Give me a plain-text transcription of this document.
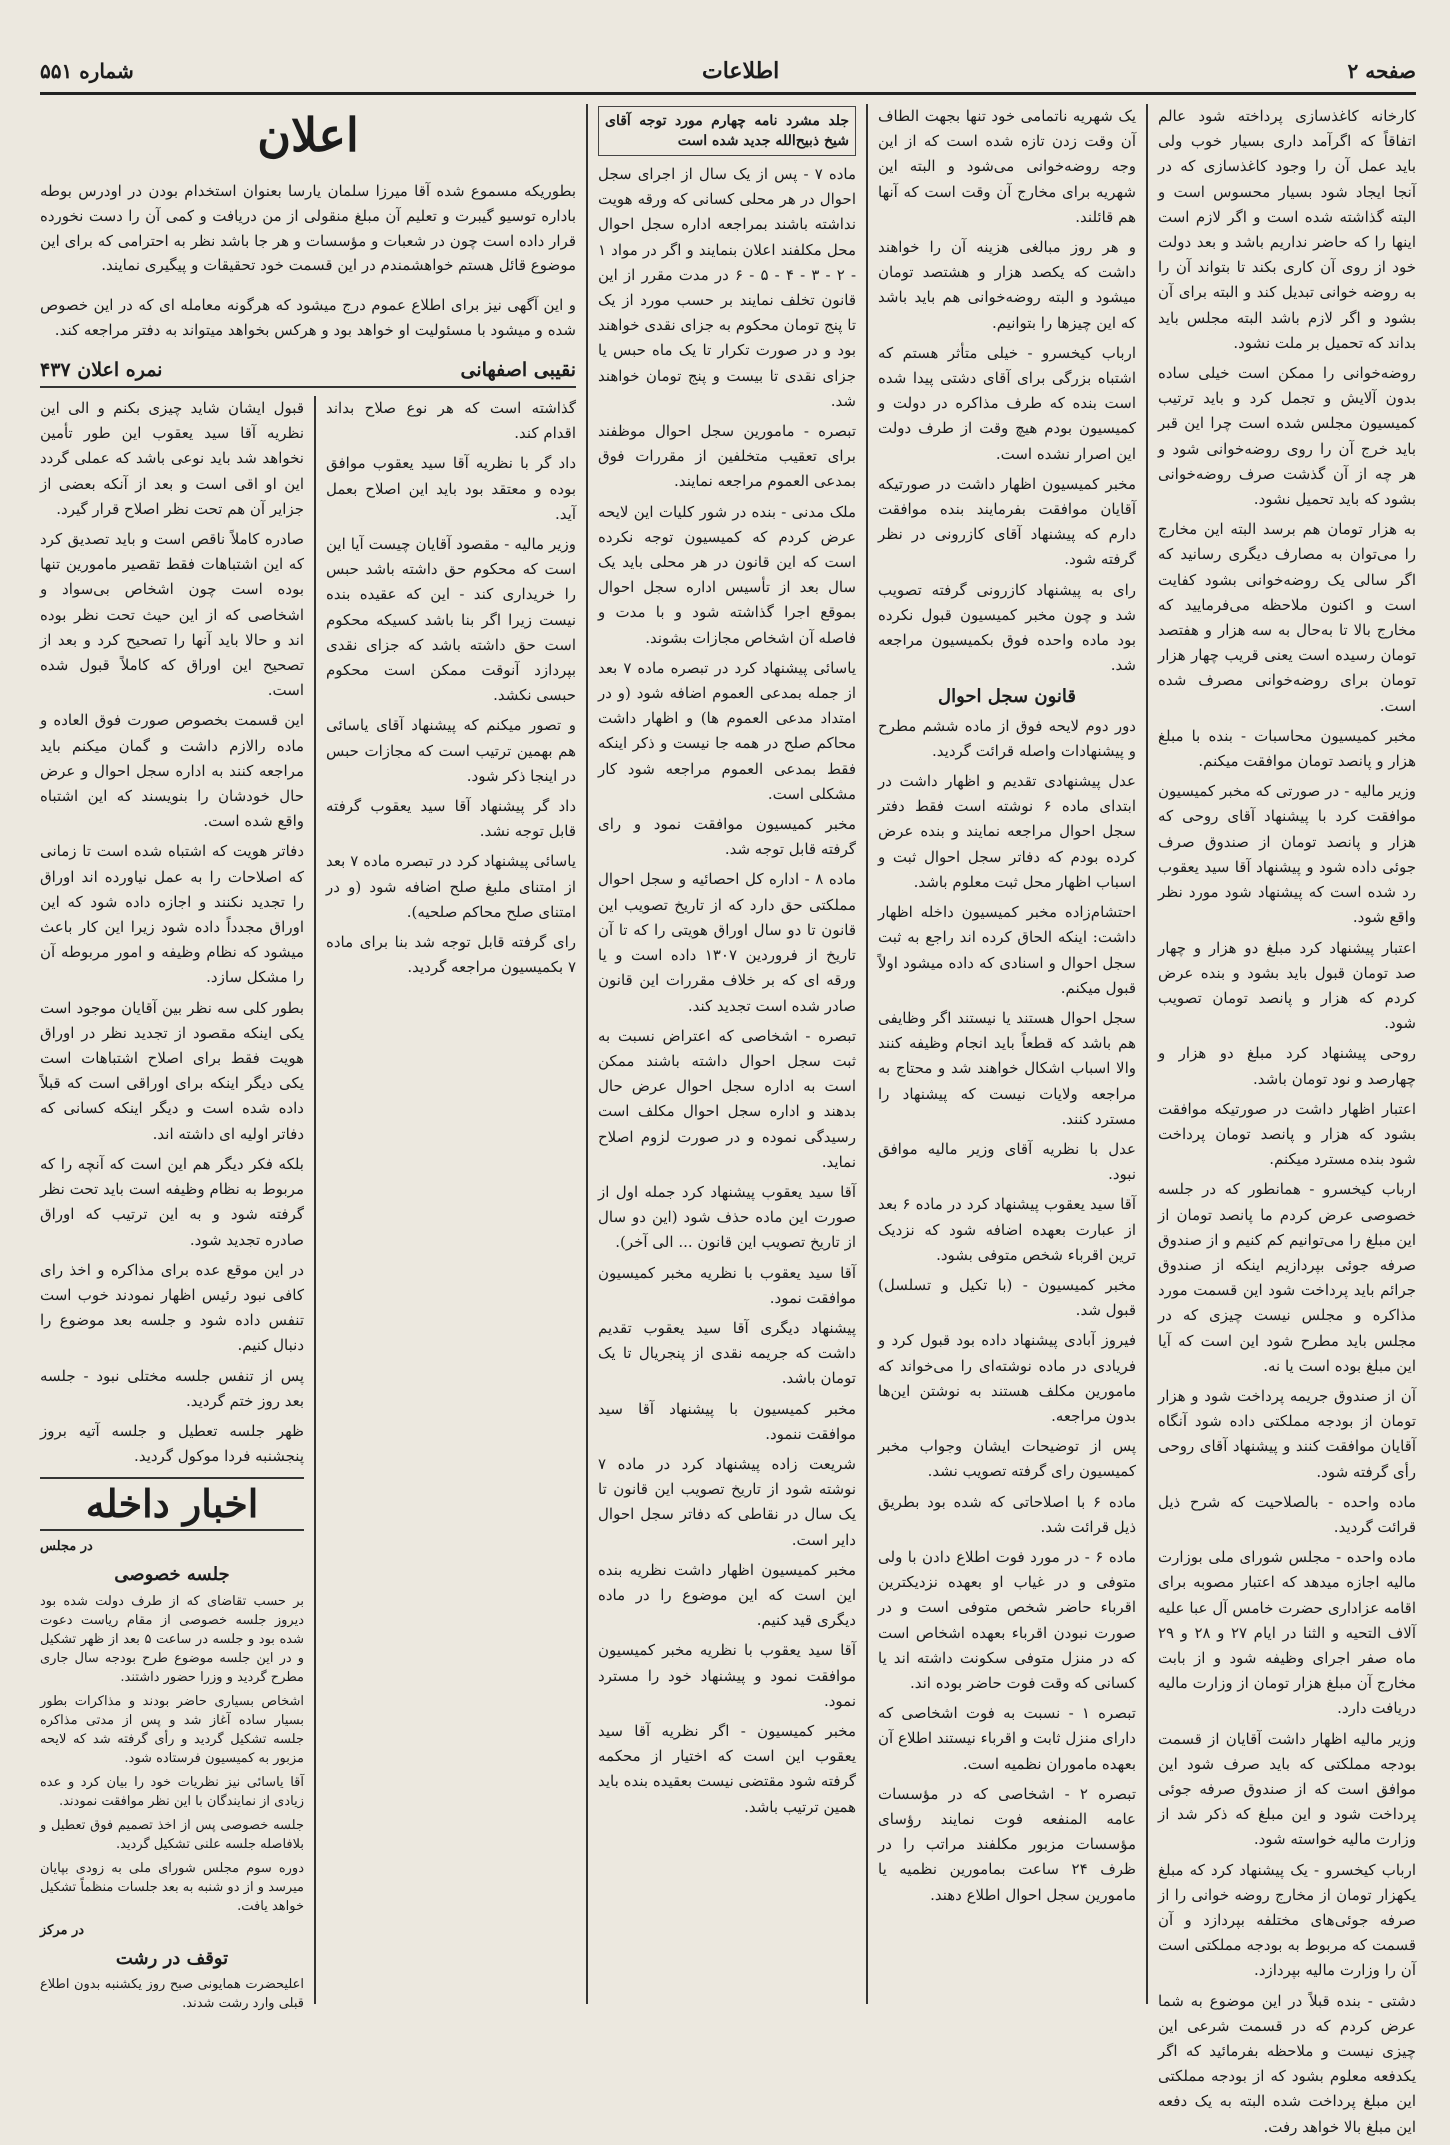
صفحه ۲
اطلاعات
شماره ۵۵۱

کارخانه کاغذسازی پرداخته شود عالم اتفاقاً که اگرآمد داری بسیار خوب ولی باید عمل آن را وجود کاغذسازی که در آنجا ایجاد شود بسیار محسوس است و البته گذاشته شده است و اگر لازم است اینها را که حاضر نداریم باشد و بعد دولت خود از روی آن کاری بکند تا بتواند آن را به روضه خوانی تبدیل کند و البته برای آن بشود و اگر لازم باشد البته مجلس باید بداند که تحمیل بر ملت نشود.

روضه‌خوانی را ممکن است خیلی ساده بدون آلایش و تجمل کرد و باید ترتیب کمیسیون مجلس شده است چرا این قبر باید خرج آن را روی روضه‌خوانی شود و هر چه از آن گذشت صرف روضه‌خوانی بشود که باید تحمیل نشود.

به هزار تومان هم برسد البته این مخارج را می‌توان به مصارف دیگری رسانید که اگر سالی یک روضه‌خوانی بشود کفایت است و اکنون ملاحظه می‌فرمایید که مخارج بالا تا به‌حال به سه هزار و هفتصد تومان رسیده است یعنی قریب چهار هزار تومان برای روضه‌خوانی مصرف شده است.

مخبر کمیسیون محاسبات‌ - بنده با مبلغ هزار و پانصد تومان موافقت میکنم.

وزیر مالیه - در صورتی که مخبر کمیسیون موافقت کرد با پیشنهاد آقای روحی که هزار و پانصد تومان از صندوق صرف جوئی داده شود و پیشنهاد آقا سید یعقوب رد شده است که پیشنهاد شود مورد نظر واقع شود.

اعتبار پیشنهاد کرد مبلغ دو هزار و چهار صد تومان قبول باید بشود و بنده عرض کردم که هزار و پانصد تومان تصویب شود.

روحی پیشنهاد کرد مبلغ دو هزار و چهارصد و نود تومان باشد.

اعتبار اظهار داشت در صورتیکه موافقت بشود که هزار و پانصد تومان پرداخت شود بنده مسترد میکنم.

ارباب کیخسرو - همانطور که در جلسه خصوصی عرض کردم ما پانصد تومان از این مبلغ را می‌توانیم کم کنیم و از صندوق صرفه جوئی بپردازیم اینکه از صندوق جرائم باید پرداخت شود این قسمت مورد مذاکره و مجلس نیست چیزی که در مجلس باید مطرح شود این است که آیا این مبلغ بوده است یا نه.

آن از صندوق جریمه پرداخت شود و هزار تومان از بودجه مملکتی داده شود آنگاه آقایان موافقت کنند و پیشنهاد آقای روحی رأی گرفته شود.

ماده واحده - بالصلاحیت که شرح ذیل قرائت گردید.

ماده واحده - مجلس شورای ملی بوزارت مالیه اجازه میدهد که اعتبار مصوبه برای اقامه عزاداری حضرت خامس آل عبا علیه آلاف التحیه و الثنا در ایام ۲۷ و ۲۸ و ۲۹ ماه صفر اجرای وظیفه شود و از بابت مخارج آن مبلغ هزار تومان از وزارت مالیه دریافت دارد.

وزیر مالیه اظهار داشت آقایان از قسمت بودجه مملکتی که باید صرف شود این موافق است که از صندوق صرفه جوئی پرداخت شود و این مبلغ که ذکر شد از وزارت مالیه خواسته شود.

ارباب کیخسرو - یک پیشنهاد کرد که مبلغ یکهزار تومان از مخارج روضه خوانی را از صرفه جوئی‌های مختلفه بپردازد و آن قسمت که مربوط به بودجه مملکتی است آن را وزارت مالیه بپردازد.

دشتی - بنده قبلاً در این موضوع به شما عرض کردم که در قسمت شرعی این چیزی نیست و ملاحظه بفرمائید که اگر یکدفعه معلوم بشود که از بودجه مملکتی این مبلغ پرداخت شده البته به یک دفعه این مبلغ بالا خواهد رفت.

یک شهریه ناتمامی خود تنها بجهت الطاف آن وقت زدن تازه شده است که از این وجه روضه‌خوانی می‌شود و البته این شهریه برای مخارج آن وقت است که آنها هم قائلند.

و هر روز مبالغی هزینه آن را خواهند داشت که یکصد هزار و هشتصد تومان میشود و البته روضه‌خوانی هم باید باشد که این چیزها را بتوانیم.

ارباب کیخسرو - خیلی متأثر هستم که اشتباه بزرگی برای آقای دشتی پیدا شده است بنده که طرف مذاکره در دولت و کمیسیون بودم هیچ وقت از طرف دولت این اصرار نشده است.

مخبر کمیسیون اظهار داشت در صورتیکه آقایان موافقت بفرمایند بنده موافقت دارم که پیشنهاد آقای کازرونی در نظر گرفته شود.

رای به پیشنهاد کازرونی گرفته تصویب شد و چون مخبر کمیسیون قبول نکرده بود ماده واحده فوق بکمیسیون مراجعه شد.

قانون سجل احوال

دور دوم لایحه فوق از ماده ششم مطرح و پیشنهادات واصله قرائت گردید.

عدل پیشنهادی تقدیم و اظهار داشت در ابتدای ماده ۶ نوشته است فقط دفتر سجل احوال مراجعه نمایند و بنده عرض کرده بودم که دفاتر سجل احوال ثبت و اسباب اظهار محل ثبت معلوم باشد.

احتشام‌زاده مخبر کمیسیون داخله اظهار داشت: اینکه الحاق کرده اند راجع به ثبت سجل احوال و اسنادی که داده میشود اولاً قبول میکنم.

سجل احوال هستند یا نیستند اگر وظایفی هم باشد که قطعاً باید انجام وظیفه کنند والا اسباب اشکال خواهند شد و محتاج به مراجعه ولایات نیست که پیشنهاد را مسترد کنند.

عدل با نظریه آقای وزیر مالیه موافق نبود.

آقا سید یعقوب پیشنهاد کرد در ماده ۶ بعد از عبارت بعهده اضافه شود که نزدیک ترین اقرباء شخص متوفی بشود.

مخبر کمیسیون - (با تکیل و تسلسل) قبول شد.

فیروز آبادی پیشنهاد داده بود قبول کرد و فریادی در ماده نوشته‌ای را می‌خواند که مامورین مکلف هستند به نوشتن این‌ها بدون مراجعه.

پس از توضیحات ایشان وجواب مخبر کمیسیون رای گرفته تصویب نشد.

ماده ۶ با اصلاحاتی که شده بود بطریق ذیل قرائت شد.

ماده ۶ - در مورد فوت اطلاع دادن با ولی متوفی و در غیاب او بعهده نزدیکترین اقرباء حاضر شخص متوفی است و در صورت نبودن اقرباء بعهده اشخاص است که در منزل متوفی سکونت داشته اند یا کسانی که وقت فوت حاضر بوده اند.

تبصره ۱ - نسبت به فوت اشخاصی که دارای منزل ثابت و اقرباء نیستند اطلاع آن بعهده ماموران نظمیه است.

تبصره ۲ - اشخاصی که در مؤسسات عامه المنفعه فوت نمایند رؤسای مؤسسات مزبور مکلفند مراتب را در ظرف ۲۴ ساعت بمامورین نظمیه یا مامورین سجل احوال اطلاع دهند.

جلد مشرد نامه چهارم مورد توجه آقای شیخ ذبیح‌الله جدید شده است

ماده ۷ - پس از یک سال از اجرای سجل احوال در هر محلی کسانی که ورقه هویت نداشته باشند بمراجعه اداره سجل احوال محل مکلفند اعلان بنمایند و اگر در مواد ۱ - ۲ - ۳ - ۴ - ۵ - ۶ در مدت مقرر از این قانون تخلف نمایند بر حسب مورد از یک تا پنج تومان محکوم به جزای نقدی خواهند بود و در صورت تکرار تا یک ماه حبس یا جزای نقدی تا بیست و پنج تومان خواهند شد.

تبصره - مامورین سجل احوال موظفند برای تعقیب متخلفین از مقررات فوق بمدعی العموم مراجعه نمایند.

ملک مدنی - بنده در شور کلیات این لایحه عرض کردم که کمیسیون توجه نکرده است که این قانون در هر محلی باید یک سال بعد از تأسیس اداره سجل احوال بموقع اجرا گذاشته شود و با مدت و فاصله آن اشخاص مجازات بشوند.

یاسائی پیشنهاد کرد در تبصره ماده ۷ بعد از جمله بمدعی العموم اضافه شود (و در امتداد مدعی العموم ها) و اظهار داشت محاکم صلح در همه جا نیست و ذکر اینکه فقط بمدعی العموم مراجعه شود کار مشکلی است.

مخبر کمیسیون موافقت نمود و رای گرفته قابل توجه شد.

ماده ۸ - اداره کل احصائیه و سجل احوال مملکتی حق دارد که از تاریخ تصویب این قانون تا دو سال اوراق هویتی را که تا آن تاریخ از فروردین ۱۳۰۷ داده است و یا ورقه ای که بر خلاف مقررات این قانون صادر شده است تجدید کند.

تبصره - اشخاصی که اعتراض نسبت به ثبت سجل احوال داشته باشند ممکن است به اداره سجل احوال عرض حال بدهند و اداره سجل احوال مکلف است رسیدگی نموده و در صورت لزوم اصلاح نماید.

آقا سید یعقوب پیشنهاد کرد جمله اول از صورت این ماده حذف شود (این دو سال از تاریخ تصویب این قانون ... الی آخر).

آقا سید یعقوب با نظریه مخبر کمیسیون موافقت نمود.

پیشنهاد دیگری آقا سید یعقوب تقدیم داشت که جریمه نقدی از پنجریال تا یک تومان باشد.

مخبر کمیسیون با پیشنهاد آقا سید موافقت ننمود.

شریعت زاده پیشنهاد کرد در ماده ۷ نوشته شود از تاریخ تصویب این قانون تا یک سال در نقاطی که دفاتر سجل احوال دایر است.

مخبر کمیسیون اظهار داشت نظریه بنده این است که این موضوع را در ماده دیگری قید کنیم.

آقا سید یعقوب با نظریه مخبر کمیسیون موافقت نمود و پیشنهاد خود را مسترد نمود.

مخبر کمیسیون - اگر نظریه آقا سید یعقوب این است که اختیار از محکمه گرفته شود مقتضی نیست بعقیده بنده باید همین ترتیب باشد.

اعلان

بطوریکه مسموع شده آقا میرزا سلمان یارسا بعنوان استخدام بودن در اودرس بوطه باداره توسیو گیبرت و تعلیم آن مبلغ منقولی از من دریافت و کمی آن را دست نخورده قرار داده است چون در شعبات و مؤسسات و هر جا باشد نظر به احترامی که برای این موضوع قائل هستم خواهشمندم در این قسمت خود تحقیقات و پیگیری نمایند.

و این آگهی نیز برای اطلاع عموم درج میشود که هرگونه معامله ای که در این خصوص شده و میشود با مسئولیت او خواهد بود و هرکس بخواهد میتواند به دفتر مراجعه کند.

نقیبی اصفهانی
نمره اعلان ۴۳۷

گذاشته است که هر نوع صلاح بداند اقدام کند.

داد گر با نظریه آقا سید یعقوب موافق بوده و معتقد بود باید این اصلاح بعمل آید.

وزیر مالیه - مقصود آقایان چیست آیا این است که محکوم حق داشته باشد حبس را خریداری کند - این که عقیده بنده نیست زیرا اگر بنا باشد کسیکه محکوم است حق داشته باشد که جزای نقدی بپردازد آنوقت ممکن است محکوم حبسی نکشد.

و تصور میکنم که پیشنهاد آقای یاسائی هم بهمین ترتیب است که مجازات حبس در اینجا ذکر شود.

داد گر پیشنهاد آقا سید یعقوب گرفته قابل توجه نشد.

یاسائی پیشنهاد کرد در تبصره ماده ۷ بعد از امتنای ملبغ صلح اضافه شود (و در امتنای صلح محاکم صلحیه).

رای گرفته قابل توجه شد بنا برای ماده ۷ بکمیسیون مراجعه گردید.

قبول ایشان شاید چیزی بکنم و الی این نظریه آقا سید یعقوب این طور تأمین نخواهد شد باید نوعی باشد که عملی گردد این او اقی است و بعد از آنکه بعضی از جزایر آن هم تحت نظر اصلاح قرار گیرد.

صادره کاملاً ناقص است و باید تصدیق کرد که این اشتباهات فقط تقصیر مامورین تنها بوده است چون اشخاص بی‌سواد و اشخاصی که از این حیث تحت نظر بوده اند و حالا باید آنها را تصحیح کرد و بعد از تصحیح این اوراق که کاملاً قبول شده است.

این قسمت بخصوص صورت فوق العاده و ماده رالازم داشت و گمان میکنم باید مراجعه کنند به اداره سجل احوال و عرض حال خودشان را بنویسند که این اشتباه واقع شده است.

دفاتر هویت که اشتباه شده است تا زمانی که اصلاحات را به عمل نیاورده اند اوراق را تجدید نکنند و اجازه داده شود که این اوراق مجدداً داده شود زیرا این کار باعث میشود که نظام وظیفه و امور مربوطه آن را مشکل سازد.

بطور کلی سه نظر بین آقایان موجود است یکی اینکه مقصود از تجدید نظر در اوراق هویت فقط برای اصلاح اشتباهات است یکی دیگر اینکه برای اوراقی است که قبلاً داده شده است و دیگر اینکه کسانی که دفاتر اولیه ای داشته اند.

بلکه فکر دیگر هم این است که آنچه را که مربوط به نظام وظیفه است باید تحت نظر گرفته شود و به این ترتیب که اوراق صادره تجدید شود.

در این موقع عده برای مذاکره و اخذ رای کافی نبود رئیس اظهار نمودند خوب است تنفس داده شود و جلسه بعد موضوع را دنبال کنیم.

پس از تنفس جلسه مختلی نبود - جلسه بعد روز ختم گردید.

ظهر جلسه تعطیل و جلسه آتیه بروز پنجشنبه فردا موکول گردید.

اخبار داخله
در مجلس
جلسه خصوصی

بر حسب تقاضای که از طرف دولت شده بود دیروز جلسه خصوصی از مقام ریاست دعوت شده بود و جلسه در ساعت ۵ بعد از ظهر تشکیل و در این جلسه موضوع طرح بودجه سال جاری مطرح گردید و وزرا حضور داشتند.

اشخاص بسیاری حاضر بودند و مذاکرات بطور بسیار ساده آغاز شد و پس از مدتی مذاکره جلسه تشکیل گردید و رأی گرفته شد که لایحه مزبور به کمیسیون فرستاده شود.

آقا یاسائی نیز نظریات خود را بیان کرد و عده زیادی از نمایندگان با این نظر موافقت نمودند.

جلسه خصوصی پس از اخذ تصمیم فوق تعطیل و بلافاصله جلسه علنی تشکیل گردید.

دوره سوم مجلس شورای ملی به زودی بپایان میرسد و از دو شنبه به بعد جلسات منظماً تشکیل خواهد یافت.

در مرکز
توقف در رشت

اعلیحضرت همایونی صبح روز یکشنبه بدون اطلاع قبلی وارد رشت شدند.
